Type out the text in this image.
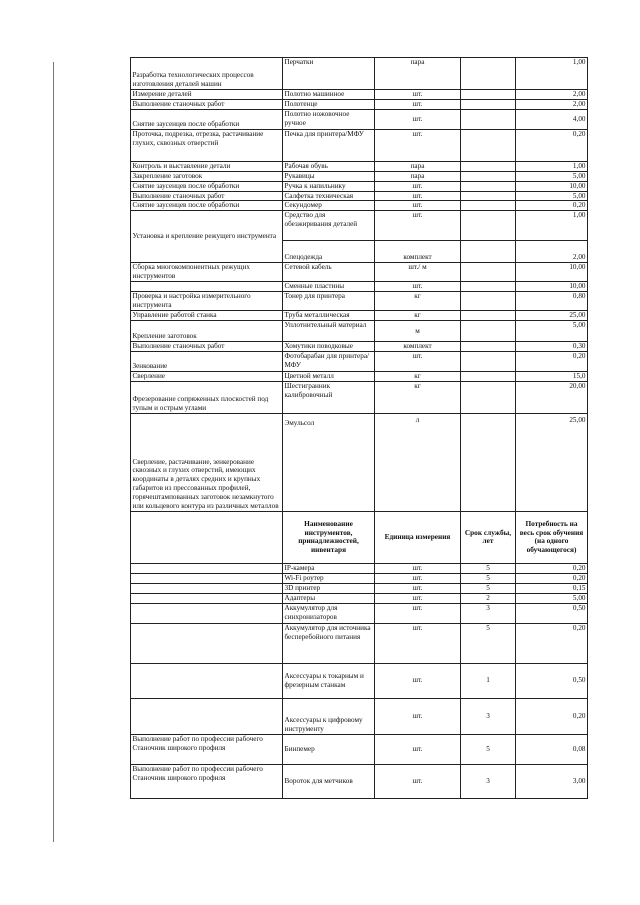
Разработка технологических процессов изготовления деталей машин	Перчатки	пара		1,00
Измерение деталей	Полотно машинное	шт.		2,00
Выполнение станочных работ	Полотенце	шт.		2,00
Снятие заусенцев после обработки	Полотно ножовочное ручное	шт.		4,00
Проточка, подрезка, отрезка, растачивание глухих, сквозных отверстий	Печка для принтера/МФУ	шт.		0,20
Контроль и выставление детали	Рабочая обувь	пара		1,00
Закрепление заготовок	Рукавицы	пара		5,00
Снятие заусенцев после обработки	Ручка к напильнику	шт.		10,00
Выполнение станочных работ	Салфетка техническая	шт.		5,00
Снятие заусенцев после обработки	Секундомер	шт.		0,20
Установка и крепление режущего инструмента	Средство для обезжиривания деталей	шт.		1,00
	Спецодежда	комплект		2,00
Сборка многокомпонентных режущих инструментов	Сетевой кабель	шт./ м		10,00
	Сменные пластины	шт.		10,00
Проверка и настройка измерительного инструмента	Тонер для принтера	кг		0,80
Управление работой станка	Труба металлическая	кг		25,00
Крепление заготовок	Уплотнительный материал	м		5,00
Выполнение станочных работ	Хомутики поводковые	комплект		0,30
Зенкование	Фотобарабан для принтера/МФУ	шт.		0,20
Сверление	Цветной металл	кг		15,0
Фрезерование сопряженных плоскостей под тупым и острым углами	Шестигранник калибровочный	кг		20,00
Сверление, растачивание, зенкерование сквозных и глухих отверстий, имеющих координаты в деталях средних и крупных габаритов из прессованных профилей, горячештампованных заготовок незамкнутого или кольцевого контура из различных металлов	Эмульсол	л		25,00
	Наименование инструментов, принадлежностей, инвентаря	Единица измерения	Срок службы, лет	Потребность на весь срок обучения (на одного обучающегося)
	IP-камера	шт.	5	0,20
	Wi-Fi роутер	шт.	5	0,20
	3D принтер	шт.	5	0,15
	Адаптеры	шт.	2	5,00
	Аккумулятор для синхронизаторов	шт.	3	0,50
	Аккумулятор для источника бесперебойного питания	шт.	5	0,20
	Аксессуары к токарным и фрезерным станкам	шт.	1	0,50
	Аксессуары к цифровому инструменту	шт.	3	0,20
Выполнение работ по профессии рабочего Станочник широкого профиля	Бинпемер	шт.	5	0,08
Выполнение работ по профессии рабочего Станочник широкого профиля	Вороток для метчиков	шт.	3	3,00
